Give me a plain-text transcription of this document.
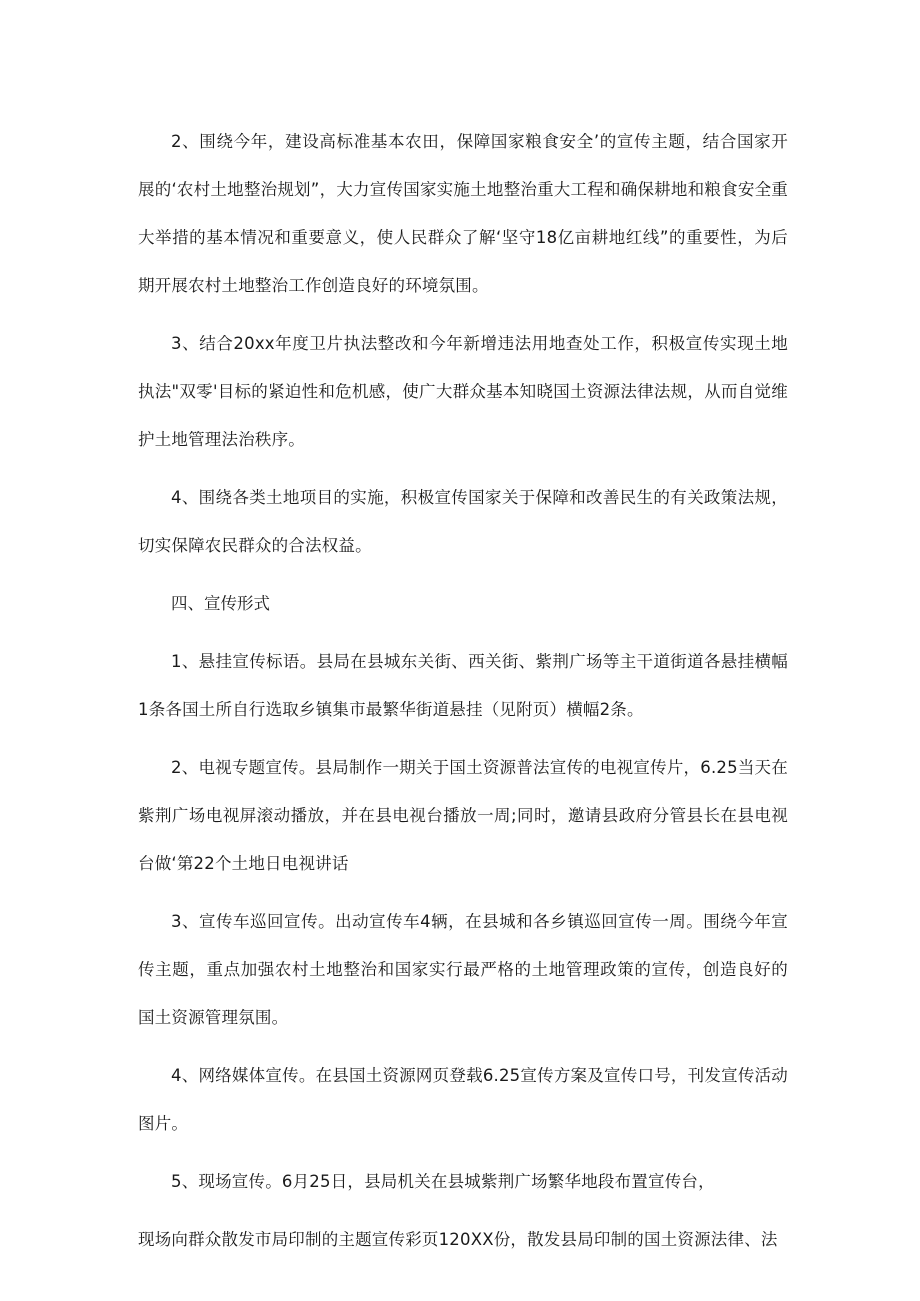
2、围绕今年，建设高标准基本农田，保障国家粮食安全’的宣传主题，结合国家开展的‘农村土地整治规划”，大力宣传国家实施土地整治重大工程和确保耕地和粮食安全重大举措的基本情况和重要意义，使人民群众了解‘坚守18亿亩耕地红线”的重要性，为后期开展农村土地整治工作创造良好的环境氛围。

3、结合20xx年度卫片执法整改和今年新增违法用地查处工作，积极宣传实现土地执法"双零'目标的紧迫性和危机感，使广大群众基本知晓国土资源法律法规，从而自觉维护土地管理法治秩序。

4、围绕各类土地项目的实施，积极宣传国家关于保障和改善民生的有关政策法规，切实保障农民群众的合法权益。

四、宣传形式

1、悬挂宣传标语。县局在县城东关街、西关街、紫荆广场等主干道街道各悬挂横幅1条各国土所自行选取乡镇集市最繁华街道悬挂（见附页）横幅2条。

2、电视专题宣传。县局制作一期关于国土资源普法宣传的电视宣传片，6.25当天在紫荆广场电视屏滚动播放，并在县电视台播放一周;同时，邀请县政府分管县长在县电视台做‘第22个土地日电视讲话

3、宣传车巡回宣传。出动宣传车4辆，在县城和各乡镇巡回宣传一周。围绕今年宣传主题，重点加强农村土地整治和国家实行最严格的土地管理政策的宣传，创造良好的国土资源管理氛围。

4、网络媒体宣传。在县国土资源网页登载6.25宣传方案及宣传口号，刊发宣传活动图片。

5、现场宣传。6月25日，县局机关在县城紫荆广场繁华地段布置宣传台，

现场向群众散发市局印制的主题宣传彩页120XX份，散发县局印制的国土资源法律、法
